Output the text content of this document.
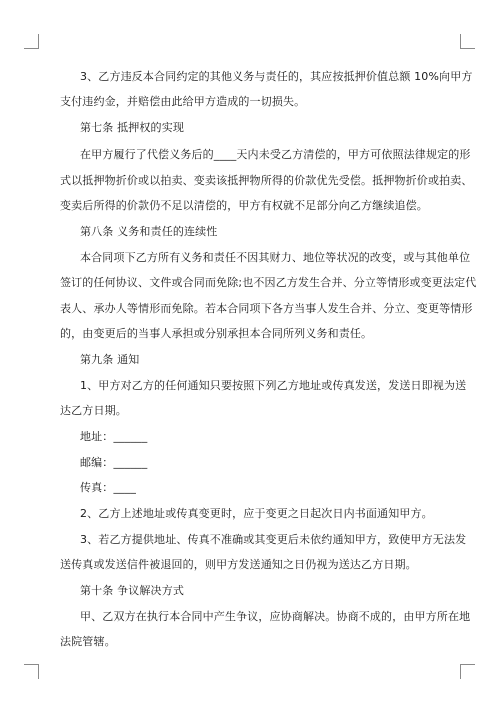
3、乙方违反本合同约定的其他义务与责任的，其应按抵押价值总额 10%向甲方
支付违约金，并赔偿由此给甲方造成的一切损失。
第七条 抵押权的实现
在甲方履行了代偿义务后的____天内未受乙方清偿的，甲方可依照法律规定的形
式以抵押物折价或以拍卖、变卖该抵押物所得的价款优先受偿。抵押物折价或拍卖、
变卖后所得的价款仍不足以清偿的，甲方有权就不足部分向乙方继续追偿。
第八条 义务和责任的连续性
本合同项下乙方所有义务和责任不因其财力、地位等状况的改变，或与其他单位
签订的任何协议、文件或合同而免除;也不因乙方发生合并、分立等情形或变更法定代
表人、承办人等情形而免除。若本合同项下各方当事人发生合并、分立、变更等情形
的，由变更后的当事人承担或分别承担本合同所列义务和责任。
第九条 通知
1、甲方对乙方的任何通知只要按照下列乙方地址或传真发送，发送日即视为送
达乙方日期。
地址：______
邮编：______
传真：____
2、乙方上述地址或传真变更时，应于变更之日起次日内书面通知甲方。
3、若乙方提供地址、传真不准确或其变更后未依约通知甲方，致使甲方无法发
送传真或发送信件被退回的，则甲方发送通知之日仍视为送达乙方日期。
第十条 争议解决方式
甲、乙双方在执行本合同中产生争议，应协商解决。协商不成的，由甲方所在地
法院管辖。
